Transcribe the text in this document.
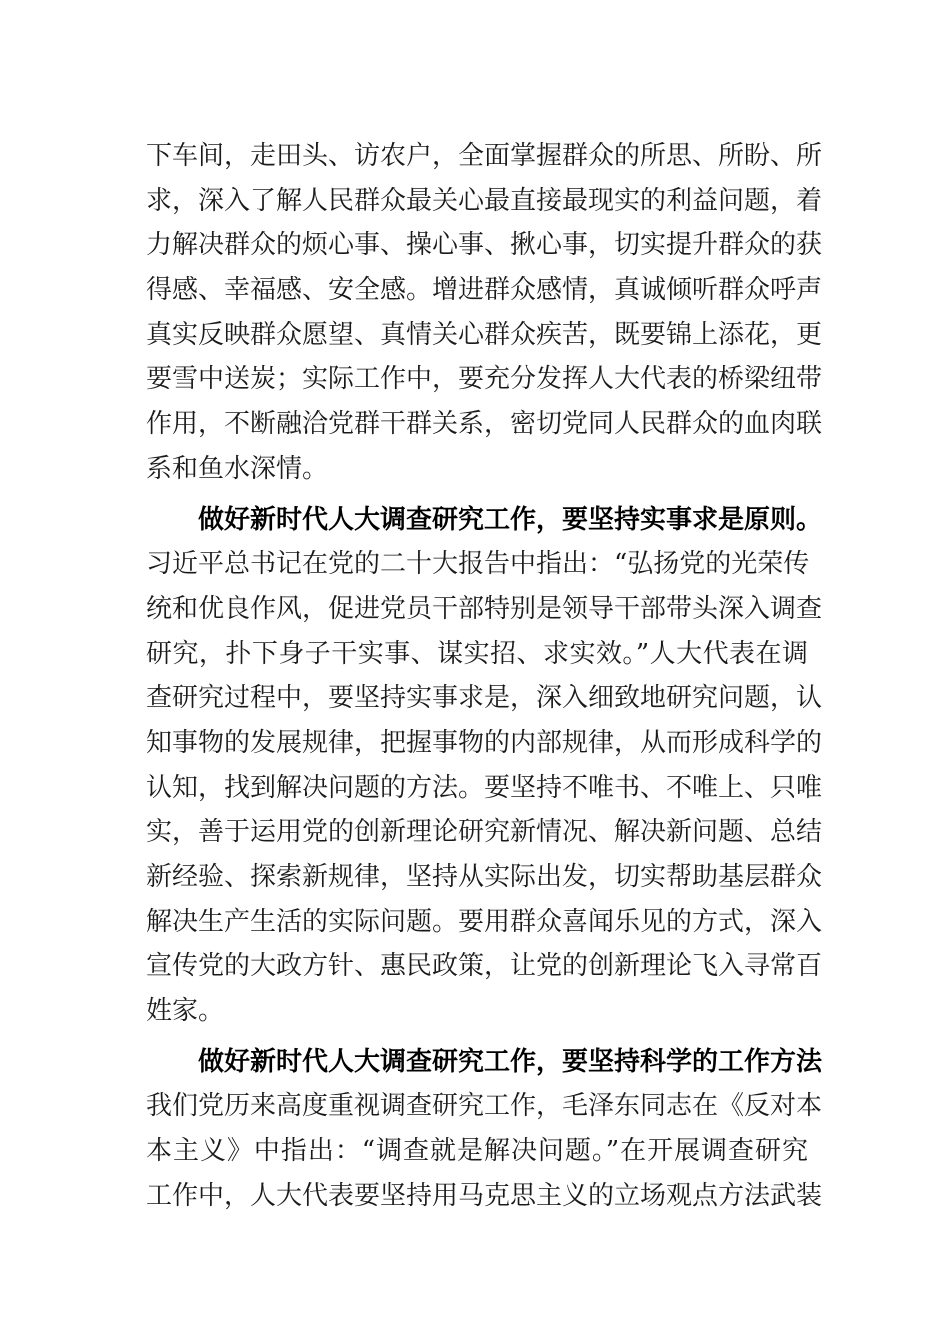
下车间，走田头、访农户，全面掌握群众的所思、所盼、所
求，深入了解人民群众最关心最直接最现实的利益问题，着
力解决群众的烦心事、操心事、揪心事，切实提升群众的获
得感、幸福感、安全感。增进群众感情，真诚倾听群众呼声
真实反映群众愿望、真情关心群众疾苦，既要锦上添花，更
要雪中送炭；实际工作中，要充分发挥人大代表的桥梁纽带
作用，不断融洽党群干群关系，密切党同人民群众的血肉联
系和鱼水深情。
做好新时代人大调查研究工作，要坚持实事求是原则。
习近平总书记在党的二十大报告中指出：“弘扬党的光荣传
统和优良作风，促进党员干部特别是领导干部带头深入调查
研究，扑下身子干实事、谋实招、求实效。”人大代表在调
查研究过程中，要坚持实事求是，深入细致地研究问题，认
知事物的发展规律，把握事物的内部规律，从而形成科学的
认知，找到解决问题的方法。要坚持不唯书、不唯上、只唯
实，善于运用党的创新理论研究新情况、解决新问题、总结
新经验、探索新规律，坚持从实际出发，切实帮助基层群众
解决生产生活的实际问题。要用群众喜闻乐见的方式，深入
宣传党的大政方针、惠民政策，让党的创新理论飞入寻常百
姓家。
做好新时代人大调查研究工作，要坚持科学的工作方法
我们党历来高度重视调查研究工作，毛泽东同志在《反对本
本主义》中指出：“调查就是解决问题。”在开展调查研究
工作中，人大代表要坚持用马克思主义的立场观点方法武装
